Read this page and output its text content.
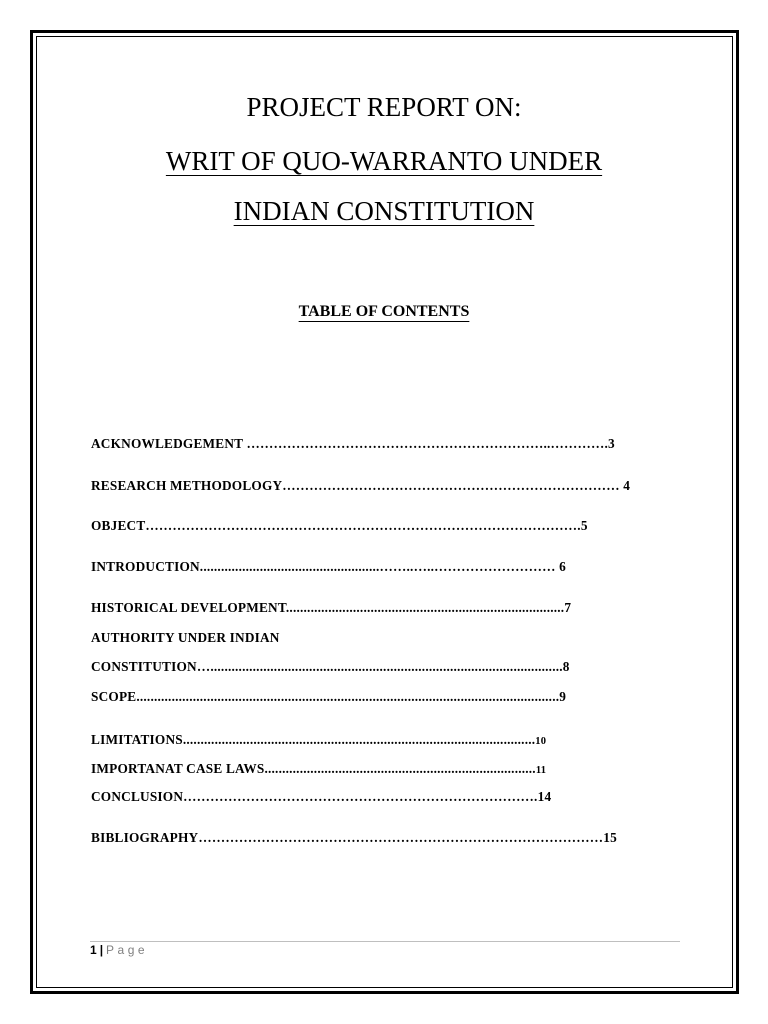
PROJECT REPORT ON:
WRIT OF QUO-WARRANTO UNDER
INDIAN CONSTITUTION
TABLE OF CONTENTS
ACKNOWLEDGEMENT …………………………………………………………..………….3
RESEARCH METHODOLOGY………………………………………………………………… 4
OBJECT…………………………………………………………………………………….5
INTRODUCTION...................................................……..…..……………………… 6
HISTORICAL DEVELOPMENT...............................................................................7
AUTHORITY UNDER INDIAN
CONSTITUTION…....................................................................................................8
SCOPE........................................................................................................................9
LIMITATIONS....................................................................................................10
IMPORTANAT CASE LAWS.............................................................................11
CONCLUSION…………………………………………………………………….14
BIBLIOGRAPHY………………………………………………………………………………15
1 | Page
